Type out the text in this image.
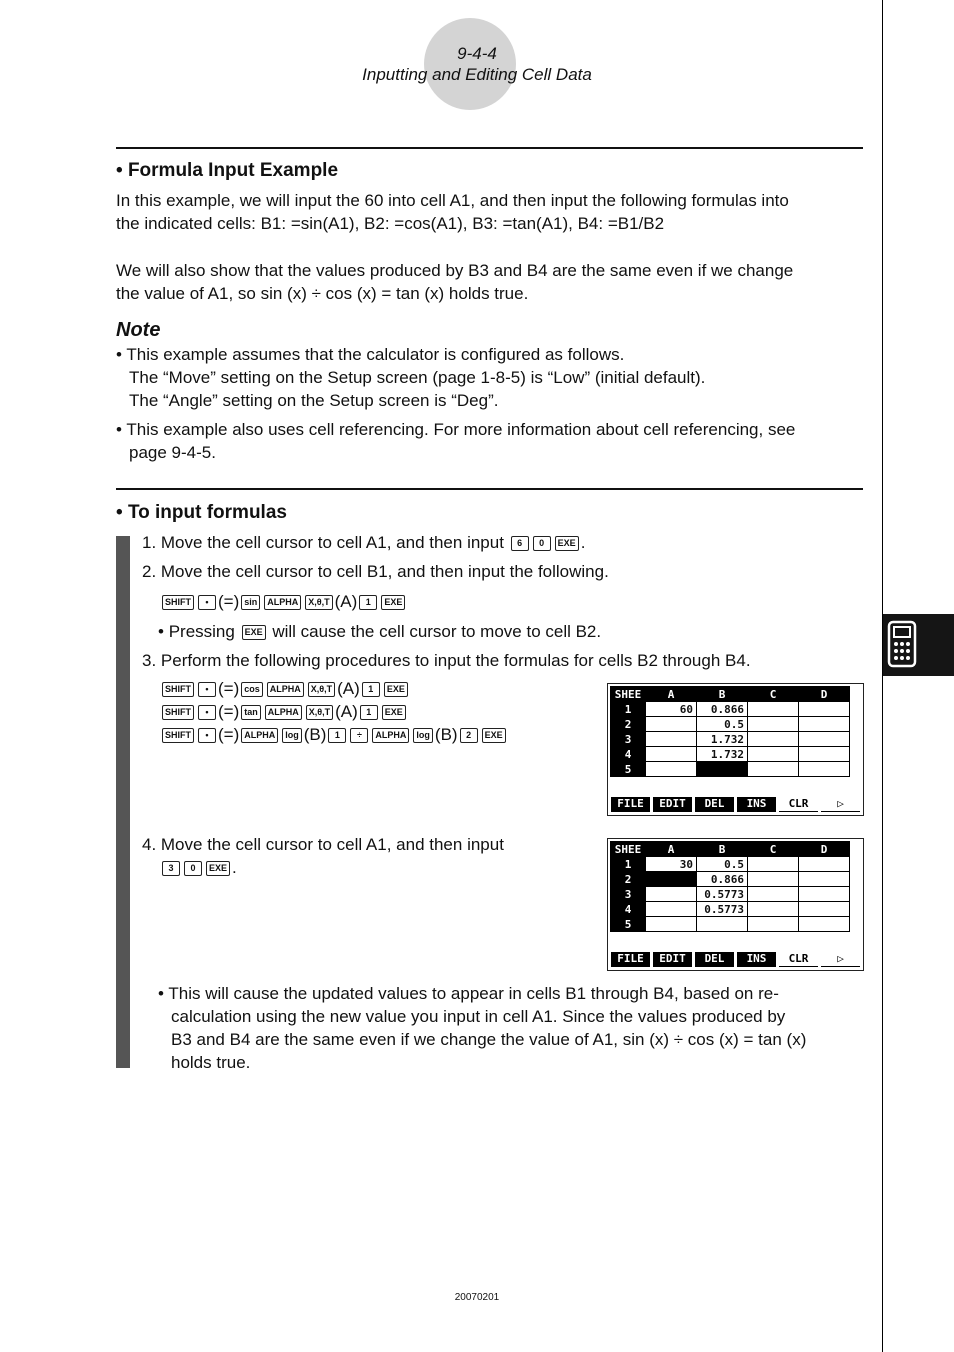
9-4-4
Inputting and Editing Cell Data
• Formula Input Example
In this example, we will input the 60 into cell A1, and then input the following formulas into
the indicated cells: B1: =sin(A1), B2: =cos(A1), B3: =tan(A1), B4: =B1/B2
We will also show that the values produced by B3 and B4 are the same even if we change
the value of A1, so sin (x) ÷ cos (x) = tan (x) holds true.
Note
• This example assumes that the calculator is configured as follows.
The “Move” setting on the Setup screen (page 1-8-5) is “Low” (initial default).
The “Angle” setting on the Setup screen is “Deg”.
• This example also uses cell referencing. For more information about cell referencing, see
page 9-4-5.
• To input formulas
1. Move the cell cursor to cell A1, and then input 6 0 EXE .
2. Move the cell cursor to cell B1, and then input the following.
SHIFT • (=) sin ALPHA X,θ,T (A) 1 EXE
• Pressing EXE will cause the cell cursor to move to cell B2.
3. Perform the following procedures to input the formulas for cells B2 through B4.
SHIFT • (=) cos ALPHA X,θ,T (A) 1 EXE
SHIFT • (=) tan ALPHA X,θ,T (A) 1 EXE
SHIFT • (=) ALPHA log (B) 1 ÷ ALPHA log (B) 2 EXE
SHEE	A	B	C	D
1	60	0.866		
2		0.5		
3		1.732		
4		1.732		
5				
FILE	EDIT	DEL	INS	CLR	▷
4. Move the cell cursor to cell A1, and then input
3 0 EXE .
SHEE	A	B	C	D
1	30	0.5		
2		0.866		
3		0.5773		
4		0.5773		
5				
FILE	EDIT	DEL	INS	CLR	▷
• This will cause the updated values to appear in cells B1 through B4, based on re-
calculation using the new value you input in cell A1. Since the values produced by
B3 and B4 are the same even if we change the value of A1, sin (x) ÷ cos (x) = tan (x)
holds true.
20070201
